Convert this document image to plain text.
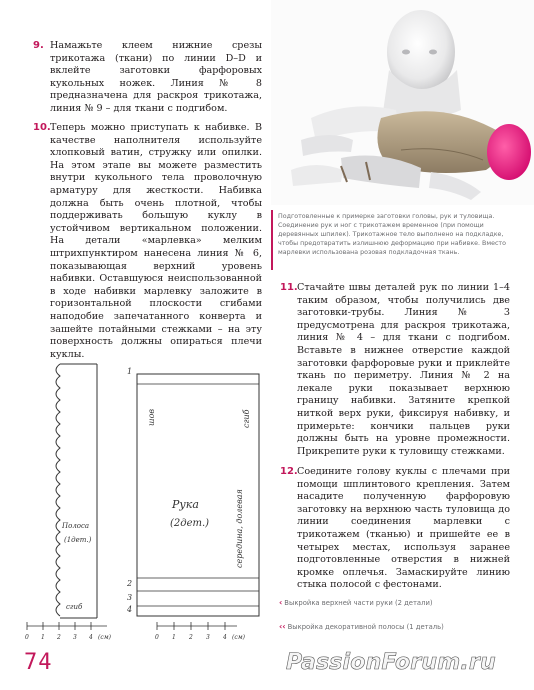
9. Намажьте клеем нижние срезы трикотажа (ткани) по линии D–D и вклейте заготовки фарфоровых кукольных ножек. Линия № 8 предназначена для раскроя трикотажа, линия № 9 – для ткани с подгибом.

10. Теперь можно приступать к набивке. В качестве наполнителя используйте хлопковый ватин, стружку или опилки. На этом этапе вы можете разместить внутри кукольного тела проволочную арматуру для жесткости. Набивка должна быть очень плотной, чтобы поддерживать большую куклу в устойчивом вертикальном положении. На детали «марлевка» мелким штрихпунктиром нанесена линия № 6, показывающая верхний уровень набивки. Оставшуюся неиспользованной в ходе набивки марлевку заложите в горизонтальной плоскости сгибами наподобие запечатанного конверта и зашейте потайными стежками – на эту поверхность должны опираться плечи куклы.

Подготовленные к примерке заготовки головы, рук и туловища. Соединение рук и ног с трикотажем временное (при помощи деревянных шпилек). Трикотажное тело выполнено на подкладке, чтобы предотвратить излишнюю деформацию при набивке. Вместо марлевки использована розовая подкладочная ткань.
11. Стачайте швы деталей рук по линии 1–4 таким образом, чтобы получились две заготовки-трубы. Линия № 3 предусмотрена для раскроя трикотажа, линия № 4 – для ткани с подгибом. Вставьте в нижнее отверстие каждой заготовки фарфоровые руки и приклейте ткань по периметру. Линия № 2 на лекале руки показывает верхнюю границу набивки. Затяните крепкой ниткой верх руки, фиксируя набивку, и примерьте: кончики пальцев руки должны быть на уровне промежности. Прикрепите руки к туловищу стежками.

12. Соедините голову куклы с плечами при помощи шплинтового крепления. Затем насадите полученную фарфоровую заготовку на верхнюю часть туловища до линии соединения марлевки с трикотажем (тканью) и пришейте ее в четырех местах, используя заранее подготовленные отверстия в нижней кромке оплечья. Замаскируйте линию стыка полосой с фестонами.

‹ Выкройка верхней части руки (2 детали)
‹‹ Выкройка декоративной полосы (1 деталь)
Полоса
(1дет.)
сгиб
1
2
3
4
Рука
(2дет.)
шов	сгиб
середина, долевая
0 1 2 3 4 (см)	0 1 2 3 4 (см)
74	PassionForum.ru
